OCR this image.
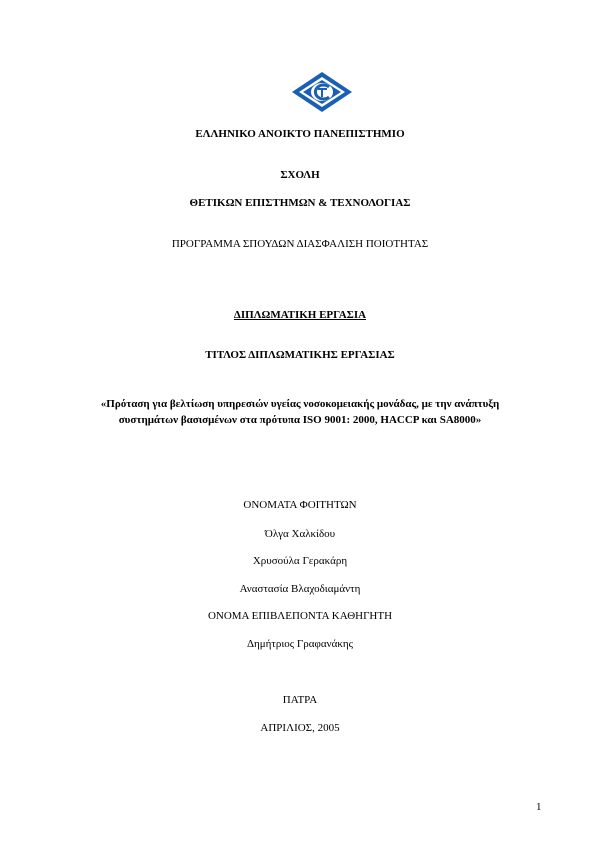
ΕΛΛΗΝΙΚΟ ΑΝΟΙΚΤΟ ΠΑΝΕΠΙΣΤΗΜΙΟ
ΣΧΟΛΗ
ΘΕΤΙΚΩΝ ΕΠΙΣΤΗΜΩΝ & ΤΕΧΝΟΛΟΓΙΑΣ
ΠΡΟΓΡΑΜΜΑ ΣΠΟΥΔΩΝ ΔΙΑΣΦΑΛΙΣΗ ΠΟΙΟΤΗΤΑΣ
ΔΙΠΛΩΜΑΤΙΚΗ ΕΡΓΑΣΙΑ
ΤΙΤΛΟΣ ΔΙΠΛΩΜΑΤΙΚΗΣ ΕΡΓΑΣΙΑΣ
«Πρόταση για βελτίωση υπηρεσιών υγείας νοσοκομειακής μονάδας, με την ανάπτυξη
συστημάτων βασισμένων στα πρότυπα ISO 9001: 2000, HACCP και SA8000»
ΟΝΟΜΑΤΑ ΦΟΙΤΗΤΩΝ
Όλγα Χαλκίδου
Χρυσούλα Γερακάρη
Αναστασία Βλαχοδιαμάντη
ΟΝΟΜΑ ΕΠΙΒΛΕΠΟΝΤΑ ΚΑΘΗΓΗΤΗ
Δημήτριος Γραφανάκης
ΠΑΤΡΑ
ΑΠΡΙΛΙΟΣ, 2005
1
